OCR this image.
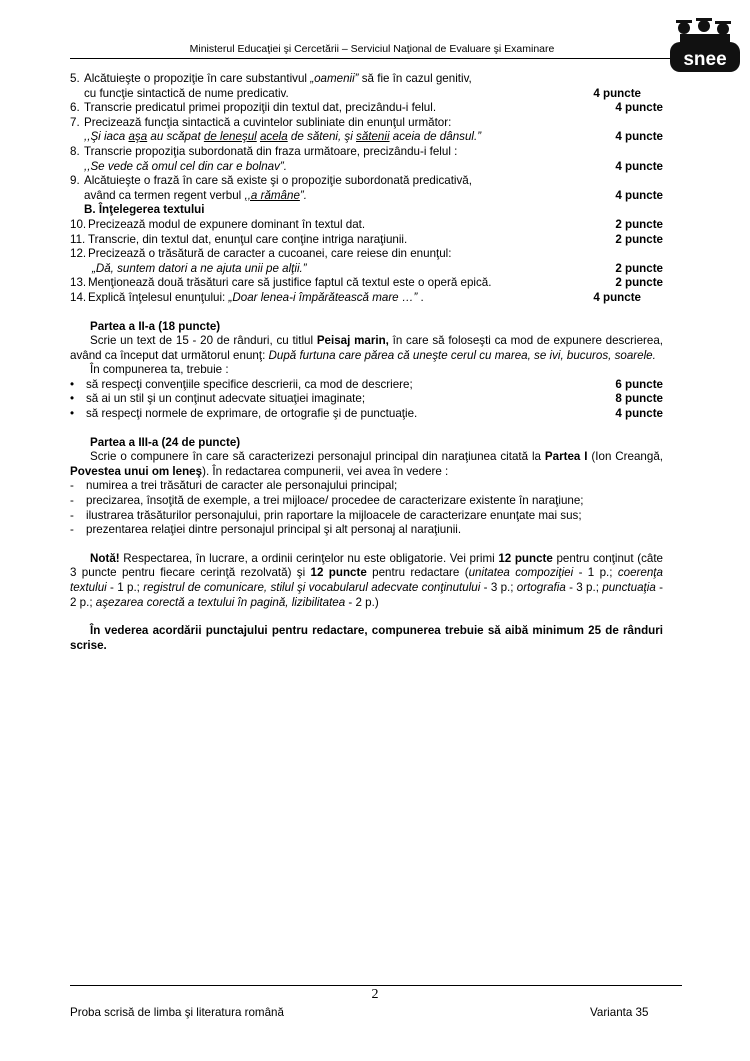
Ministerul Educaţiei şi Cercetării – Serviciul Naţional de Evaluare şi Examinare	snee
5. Alcătuieşte o propoziţie în care substantivul „oamenii” să fie în cazul genitiv,
cu funcţie sintactică de nume predicativ.	4 puncte
6. Transcrie predicatul primei propoziţii din textul dat, precizându-i felul.	4 puncte
7. Precizează funcţia sintactică a cuvintelor subliniate din enunţul următor:
,,Şi iaca aşa au scăpat de leneşul acela de săteni, şi sătenii aceia de dânsul.”	4 puncte
8. Transcrie propoziţia subordonată din fraza următoare, precizându-i felul :
,,Se vede că omul cel din car e bolnav”.	4 puncte
9. Alcătuieşte o frază în care să existe şi o propoziţie subordonată predicativă,
având ca termen regent verbul ,,a rămâne”.	4 puncte
B. Înţelegerea textului
10. Precizează modul de expunere dominant în textul dat.	2 puncte
11. Transcrie, din textul dat, enunţul care conţine intriga naraţiunii.	2 puncte
12. Precizează o trăsătură de caracter a cucoanei, care reiese din enunţul:
„Dă, suntem datori a ne ajuta unii pe alţii.”	2 puncte
13. Menţionează două trăsături care să justifice faptul că textul este o operă epică.	2 puncte
14. Explică înţelesul enunţului: „Doar lenea-i împărătească mare …” .	4 puncte

Partea a II-a (18 puncte)

Scrie un text de 15 - 20 de rânduri, cu titlul Peisaj marin, în care să foloseşti ca mod de expunere descrierea, având ca început dat următorul enunţ: După furtuna care părea că uneşte cerul cu marea, se ivi, bucuros, soarele.

În compunerea ta, trebuie :

•	să respecţi convenţiile specifice descrierii, ca mod de descriere;	6 puncte
•	să ai un stil şi un conţinut adecvate situaţiei imaginate;	8 puncte
•	să respecţi normele de exprimare, de ortografie şi de punctuaţie.	4 puncte

Partea a III-a (24 de puncte)

Scrie o compunere în care să caracterizezi personajul principal din naraţiunea citată la Partea I (Ion Creangă, Povestea unui om leneş). În redactarea compunerii, vei avea în vedere :

-	numirea a trei trăsături de caracter ale personajului principal;
-	precizarea, însoţită de exemple, a trei mijloace/ procedee de caracterizare existente în naraţiune;
-	ilustrarea trăsăturilor personajului, prin raportare la mijloacele de caracterizare enunţate mai sus;
-	prezentarea relaţiei dintre personajul principal şi alt personaj al naraţiunii.

Notă! Respectarea, în lucrare, a ordinii cerinţelor nu este obligatorie. Vei primi 12 puncte pentru conţinut (câte 3 puncte pentru fiecare cerinţă rezolvată) şi 12 puncte pentru redactare (unitatea compoziţiei - 1 p.; coerenţa textului - 1 p.; registrul de comunicare, stilul şi vocabularul adecvate conţinutului - 3 p.; ortografia - 3 p.; punctuaţia - 2 p.; aşezarea corectă a textului în pagină, lizibilitatea - 2 p.)

În vederea acordării punctajului pentru redactare, compunerea trebuie să aibă minimum 25 de rânduri scrise.

2
Proba scrisă de limba şi literatura română	Varianta 35
